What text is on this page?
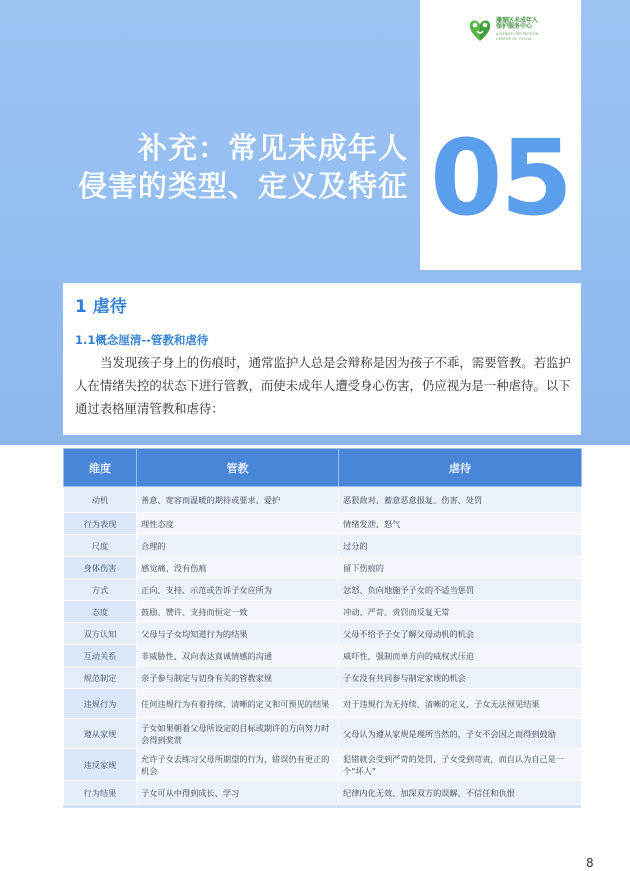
珊瑚区未成年人
保护服务中心
JUVENILE PROTECTION
CENTER OF YUCHA
补充：常见未成年人
侵害的类型、定义及特征 05
1 虐待
1.1概念厘清--管教和虐待
当发现孩子身上的伤痕时，通常监护人总是会辩称是因为孩子不乖，需要管教。若监护人在情绪失控的状态下进行管教，而使未成年人遭受身心伤害，仍应视为是一种虐待。以下通过表格厘清管教和虐待：
维度	管教	虐待
动机	善意、宽容而温暖的期待或要求、爱护	恶狠敌对、蓄意恶意报复、伤害、处罚
行为表现	理性态度	情绪发泄、怒气
尺度	合理的	过分的
身体伤害	感觉痛、没有伤痕	留下伤痕的
方式	正向、支持、示范或告诉子女应所为	忿怒、负向地施予子女的不适当惩罚
态度	鼓励、赞许、支持而恒定一致	冲动、严苛、责罚而反复无常
双方认知	父母与子女均知道行为的结果	父母不给予子女了解父母动机的机会
互动关系	非威胁性、双向表达真诚情感的沟通	威吓性，强制而单方向的威权式压迫
规范制定	亲子参与制定与切身有关的管教家规	子女没有共同参与制定家规的机会
违规行为	任何违规行为有着持续、清晰的定义和可预见的结果	对于违规行为无持续、清晰的定义，子女无法预见结果
遵从家规	子女如果朝着父母所设定的目标或期许的方向努力时会得到奖赏	父母认为遵从家规是理所当然的，子女不会因之而得到鼓励
违反家规	允许子女去练习父母所期望的行为，错误仍有更正的机会	犯错就会受到严苛的处罚，子女受到苛责，而自认为自己是一个“坏人”
行为结果	子女可从中得到成长、学习	纪律内化无效、加深双方的误解、不信任和仇恨
8
